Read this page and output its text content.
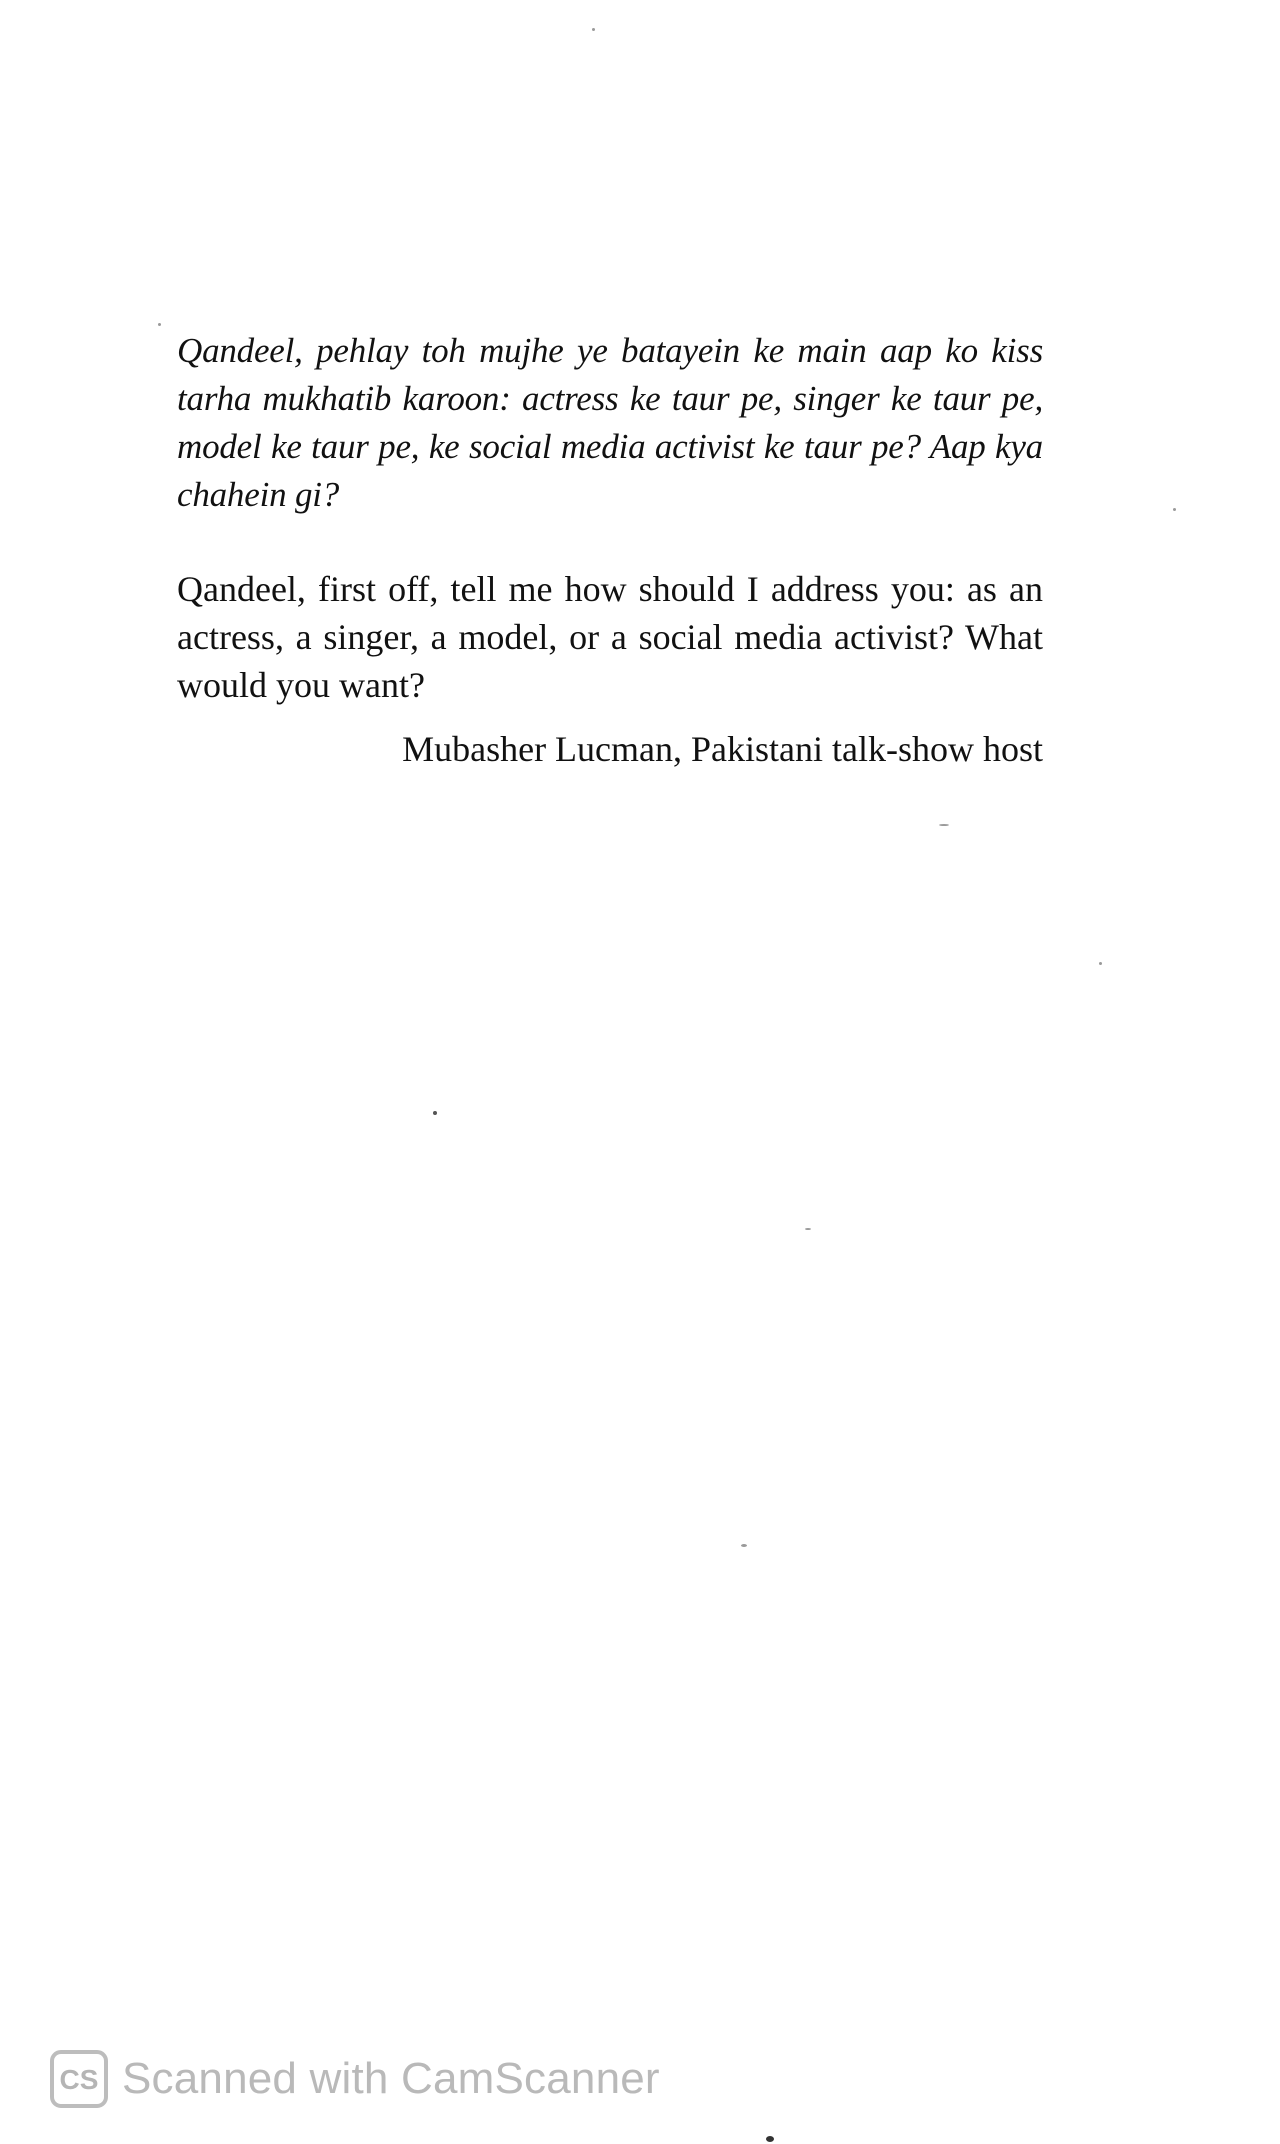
Qandeel, pehlay toh mujhe ye batayein ke main aap ko kiss tarha mukhatib karoon: actress ke taur pe, singer ke taur pe, model ke taur pe, ke social media activist ke taur pe? Aap kya chahein gi?

Qandeel, first off, tell me how should I address you: as an actress, a singer, a model, or a social media activist? What would you want?

Mubasher Lucman, Pakistani talk-show host

CS Scanned with CamScanner
